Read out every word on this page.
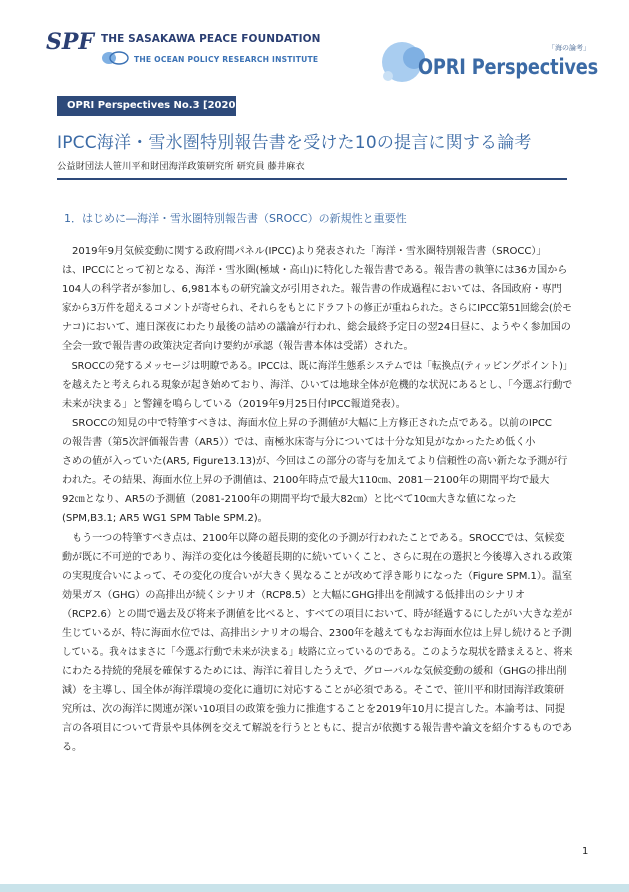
SPF THE SASAKAWA PEACE FOUNDATION
THE OCEAN POLICY RESEARCH INSTITUTE
「海の論考」
OPRI Perspectives
OPRI Perspectives No.3 [2020]
IPCC海洋・雪氷圏特別報告書を受けた10の提言に関する論考
公益財団法人笹川平和財団海洋政策研究所 研究員 藤井麻衣
1．はじめに―海洋・雪氷圏特別報告書（SROCC）の新規性と重要性
　2019年9月気候変動に関する政府間パネル(IPCC)より発表された「海洋・雪氷圏特別報告書（SROCC）」
は、IPCCにとって初となる、海洋・雪氷圏(極域・高山)に特化した報告書である。報告書の執筆には36カ国から
104人の科学者が参加し、6,981本もの研究論文が引用された。報告書の作成過程においては、各国政府・専門
家から3万件を超えるコメントが寄せられ、それらをもとにドラフトの修正が重ねられた。さらにIPCC第51回総会(於モ
ナコ)において、連日深夜にわたり最後の詰めの議論が行われ、総会最終予定日の翌24日昼に、ようやく参加国の
全会一致で報告書の政策決定者向け要約が承認（報告書本体は受諾）された。
　SROCCの発するメッセージは明瞭である。IPCCは、既に海洋生態系システムでは「転換点(ティッピングポイント)」
を越えたと考えられる現象が起き始めており、海洋、ひいては地球全体が危機的な状況にあるとし、「今選ぶ行動で
未来が決まる」と警鐘を鳴らしている（2019年9月25日付IPCC報道発表）。
　SROCCの知見の中で特筆すべきは、海面水位上昇の予測値が大幅に上方修正された点である。以前のIPCC
の報告書（第5次評価報告書（AR5））では、南極氷床寄与分については十分な知見がなかったため低く小
さめの値が入っていた(AR5, Figure13.13)が、今回はこの部分の寄与を加えてより信頼性の高い新たな予測が行
われた。その結果、海面水位上昇の予測値は、2100年時点で最大110㎝、2081－2100年の期間平均で最大
92㎝となり、AR5の予測値（2081-2100年の期間平均で最大82㎝）と比べて10㎝大きな値になった
(SPM,B3.1; AR5 WG1 SPM Table SPM.2)。
　もう一つの特筆すべき点は、2100年以降の超長期的変化の予測が行われたことである。SROCCでは、気候変
動が既に不可逆的であり、海洋の変化は今後超長期的に続いていくこと、さらに現在の選択と今後導入される政策
の実現度合いによって、その変化の度合いが大きく異なることが改めて浮き彫りになった（Figure SPM.1）。温室
効果ガス（GHG）の高排出が続くシナリオ（RCP8.5）と大幅にGHG排出を削減する低排出のシナリオ
（RCP2.6）との間で過去及び将来予測値を比べると、すべての項目において、時が経過するにしたがい大きな差が
生じているが、特に海面水位では、高排出シナリオの場合、2300年を越えてもなお海面水位は上昇し続けると予測
している。我々はまさに「今選ぶ行動で未来が決まる」岐路に立っているのである。このような現状を踏まえると、将来
にわたる持続的発展を確保するためには、海洋に着目したうえで、グローバルな気候変動の緩和（GHGの排出削
減）を主導し、国全体が海洋環境の変化に適切に対応することが必須である。そこで、笹川平和財団海洋政策研
究所は、次の海洋に関連が深い10項目の政策を強力に推進することを2019年10月に提言した。本論考は、同提
言の各項目について背景や具体例を交えて解説を行うとともに、提言が依拠する報告書や論文を紹介するものであ
る。
1
